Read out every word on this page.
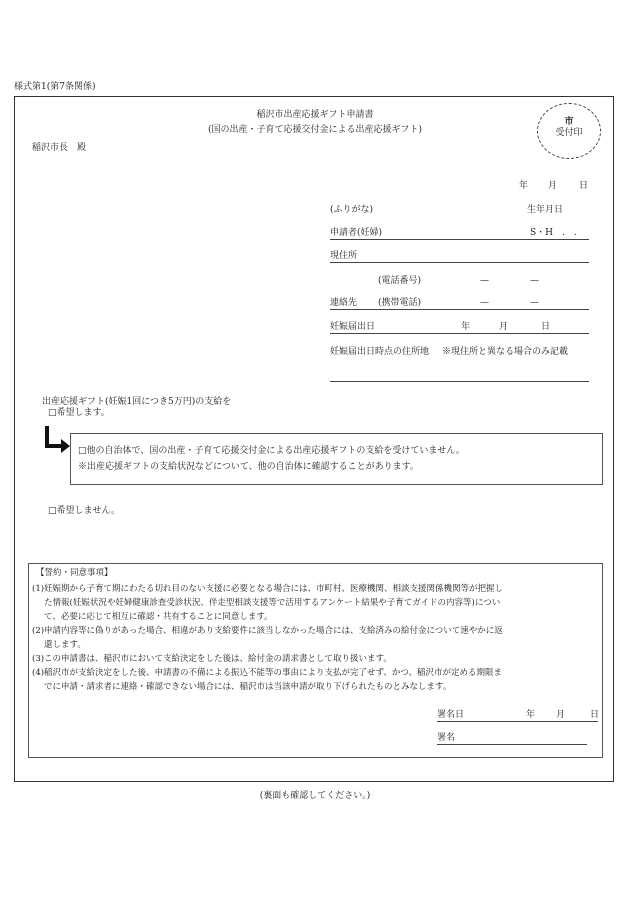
様式第1(第7条関係)
稲沢市出産応援ギフト申請書
(国の出産・子育て応援交付金による出産応援ギフト)
稲沢市長　殿
市
受付印
年 月 日
(ふりがな)	生年月日
申請者(妊婦)	S・H　.　.
現住所
(電話番号)	—	—
連絡先 (携帯電話)	—	—
妊娠届出日	年	月	日
妊娠届出日時点の住所地 ※現住所と異なる場合のみ記載
出産応援ギフト(妊娠1回につき5万円)の支給を
□希望します。
□他の自治体で、国の出産・子育て応援交付金による出産応援ギフトの支給を受けていません。
※出産応援ギフトの支給状況などについて、他の自治体に確認することがあります。
□希望しません。
【誓約・同意事項】
(1)妊娠期から子育て期にわたる切れ目のない支援に必要となる場合には、市町村、医療機関、相談支援関係機関等が把握し
た情報(妊娠状況や妊婦健康診査受診状況、伴走型相談支援等で活用するアンケート結果や子育てガイドの内容等)につい
て、必要に応じて相互に確認・共有することに同意します。
(2)申請内容等に偽りがあった場合、相違があり支給要件に該当しなかった場合には、支給済みの給付金について速やかに返
還します。
(3)この申請書は、稲沢市において支給決定をした後は、給付金の請求書として取り扱います。
(4)稲沢市が支給決定をした後、申請書の不備による振込不能等の事由により支払が完了せず、かつ、稲沢市が定める期限ま
でに申請・請求者に連絡・確認できない場合には、稲沢市は当該申請が取り下げられたものとみなします。
署名日	年 月	日
署名
(裏面も確認してください。)
